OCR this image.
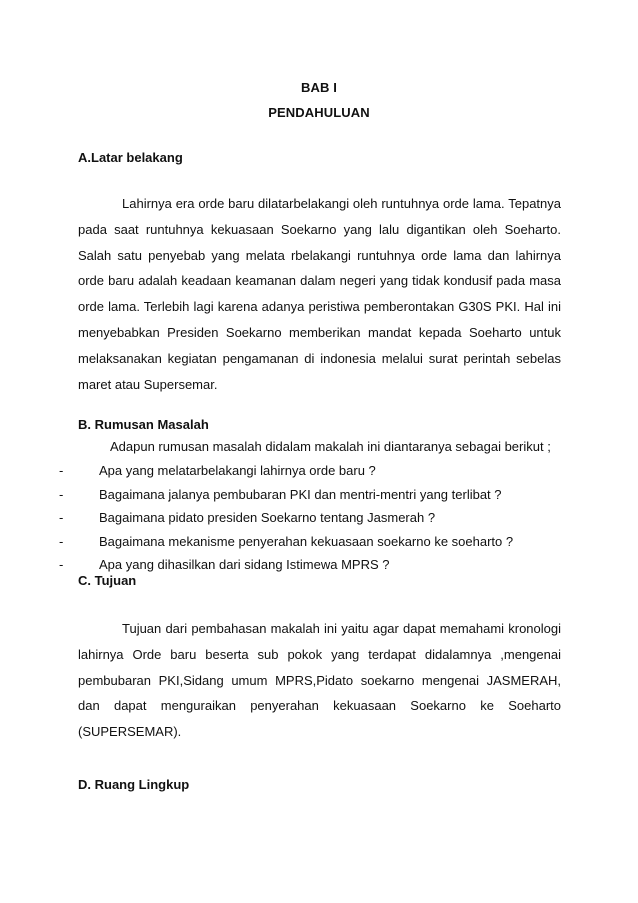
BAB I
PENDAHULUAN
A.Latar belakang

Lahirnya era orde baru dilatarbelakangi oleh runtuhnya orde lama. Tepatnya pada saat runtuhnya kekuasaan Soekarno yang lalu digantikan oleh Soeharto. Salah satu penyebab yang melata rbelakangi runtuhnya orde lama dan lahirnya orde baru adalah keadaan keamanan dalam negeri yang tidak kondusif pada masa orde lama. Terlebih lagi karena adanya peristiwa pemberontakan G30S PKI. Hal ini menyebabkan Presiden Soekarno memberikan mandat kepada Soeharto untuk melaksanakan kegiatan pengamanan di indonesia melalui surat perintah sebelas maret atau Supersemar.

B. Rumusan Masalah
Adapun rumusan masalah didalam makalah ini diantaranya sebagai berikut ;
-	Apa yang melatarbelakangi lahirnya orde baru ?
-	Bagaimana jalanya pembubaran PKI dan mentri-mentri yang terlibat ?
-	Bagaimana pidato presiden Soekarno tentang Jasmerah ?
-	Bagaimana mekanisme penyerahan kekuasaan soekarno ke soeharto ?
-	Apa yang dihasilkan dari sidang Istimewa MPRS ?
C. Tujuan

Tujuan dari pembahasan makalah ini yaitu agar dapat memahami kronologi lahirnya Orde baru beserta sub pokok yang terdapat didalamnya ,mengenai pembubaran PKI,Sidang umum MPRS,Pidato soekarno mengenai JASMERAH, dan dapat menguraikan penyerahan kekuasaan Soekarno ke Soeharto (SUPERSEMAR).

D. Ruang Lingkup
